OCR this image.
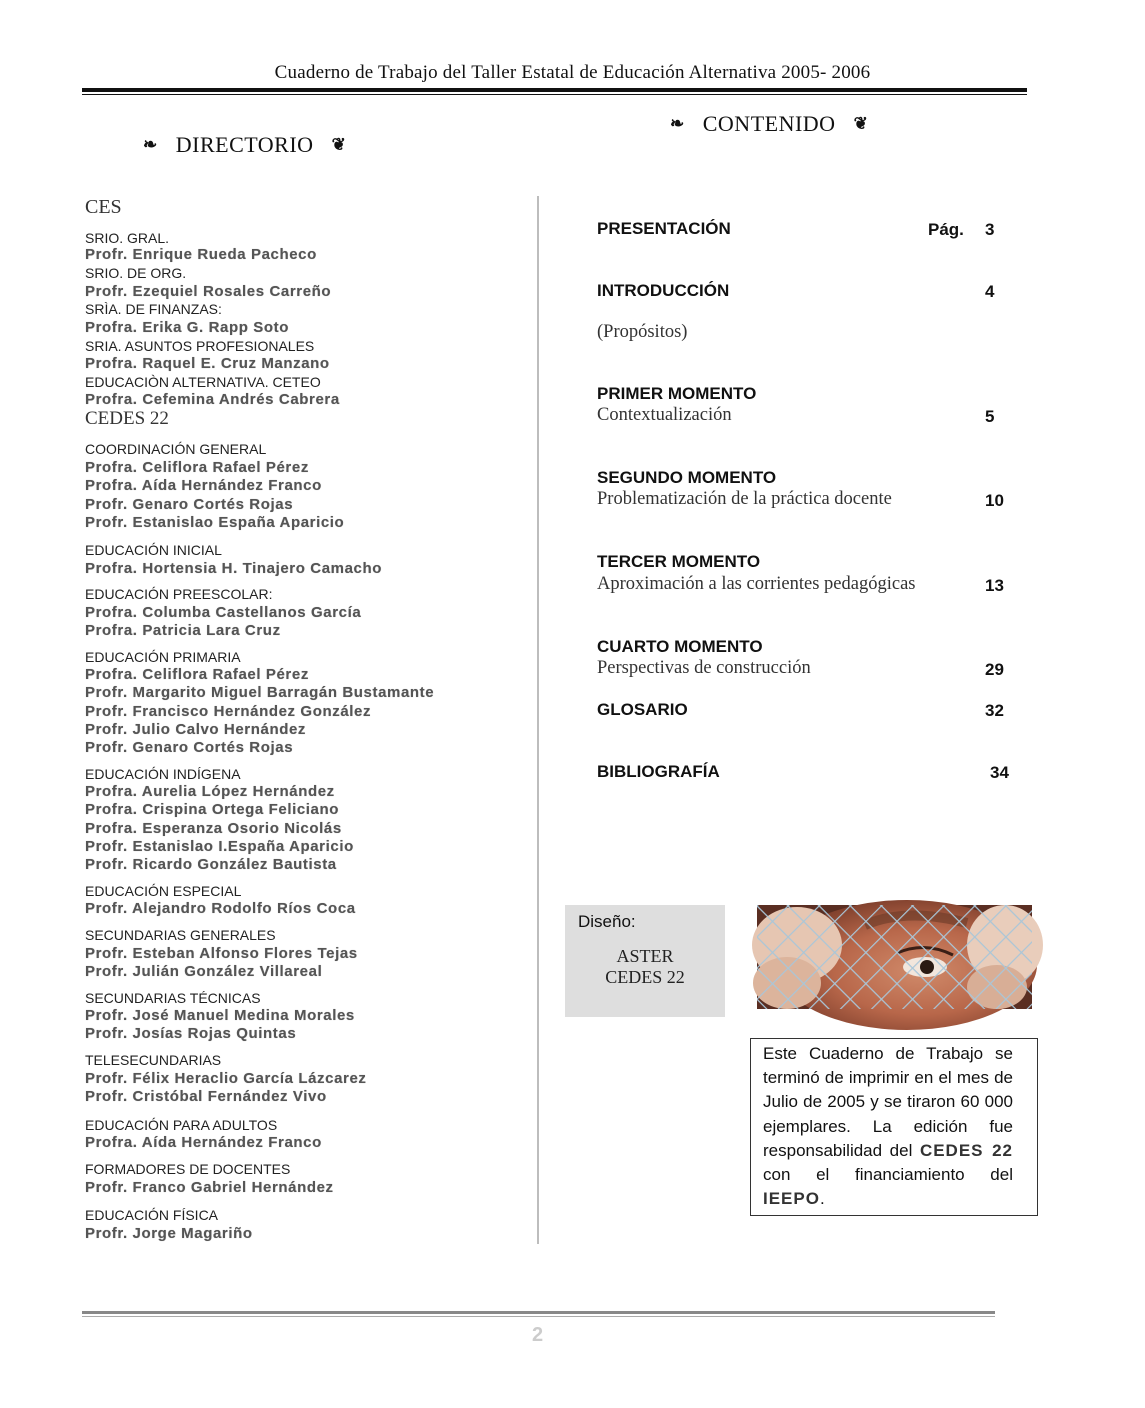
Cuaderno de Trabajo del Taller Estatal de Educación Alternativa 2005- 2006
❧ DIRECTORIO ❦
❧ CONTENIDO ❦
CES
SRIO. GRAL.
Profr. Enrique Rueda Pacheco
SRIO. DE ORG.
Profr. Ezequiel Rosales Carreño
SRÌA. DE FINANZAS:
Profra. Erika G. Rapp Soto
SRIA. ASUNTOS PROFESIONALES
Profra. Raquel E. Cruz Manzano
EDUCACIÒN ALTERNATIVA. CETEO
Profra. Cefemina Andrés Cabrera
CEDES 22
COORDINACIÓN GENERAL
Profra. Celiflora Rafael Pérez
Profra. Aída Hernández Franco
Profr. Genaro Cortés Rojas
Profr. Estanislao España Aparicio
EDUCACIÓN INICIAL
Profra. Hortensia H. Tinajero Camacho
EDUCACIÓN PREESCOLAR:
Profra. Columba Castellanos García
Profra. Patricia Lara Cruz
EDUCACIÓN PRIMARIA
Profra. Celiflora Rafael Pérez
Profr. Margarito Miguel Barragán Bustamante
Profr. Francisco Hernández González
Profr. Julio Calvo Hernández
Profr. Genaro Cortés Rojas
EDUCACIÓN INDÍGENA
Profra. Aurelia López Hernández
Profra. Crispina Ortega Feliciano
Profra. Esperanza Osorio Nicolás
Profr. Estanislao I.España Aparicio
Profr. Ricardo González Bautista
EDUCACIÓN ESPECIAL
Profr. Alejandro Rodolfo Ríos Coca
SECUNDARIAS GENERALES
Profr. Esteban Alfonso Flores Tejas
Profr. Julián González Villareal
SECUNDARIAS TÉCNICAS
Profr. José Manuel Medina Morales
Profr. Josías Rojas Quintas
TELESECUNDARIAS
Profr. Félix Heraclio García Lázcarez
Profr. Cristóbal Fernández Vivo
EDUCACIÓN PARA ADULTOS
Profra. Aída Hernández Franco
FORMADORES DE DOCENTES
Profr. Franco Gabriel Hernández
EDUCACIÓN FÍSICA
Profr. Jorge Magariño
PRESENTACIÓN	Pág. 3
INTRODUCCIÓN	4
(Propósitos)
PRIMER MOMENTO
Contextualización	5
SEGUNDO MOMENTO
Problematización de la práctica docente	10
TERCER MOMENTO
Aproximación a las corrientes pedagógicas	13
CUARTO MOMENTO
Perspectivas de construcción	29
GLOSARIO	32
BIBLIOGRAFÍA	34
Diseño:
ASTER
CEDES 22
Este Cuaderno de Trabajo se terminó de imprimir en el mes de Julio de 2005 y se tiraron 60 000 ejemplares. La edición fue responsabilidad del CEDES 22 con el financiamiento del IEEPO.
2
